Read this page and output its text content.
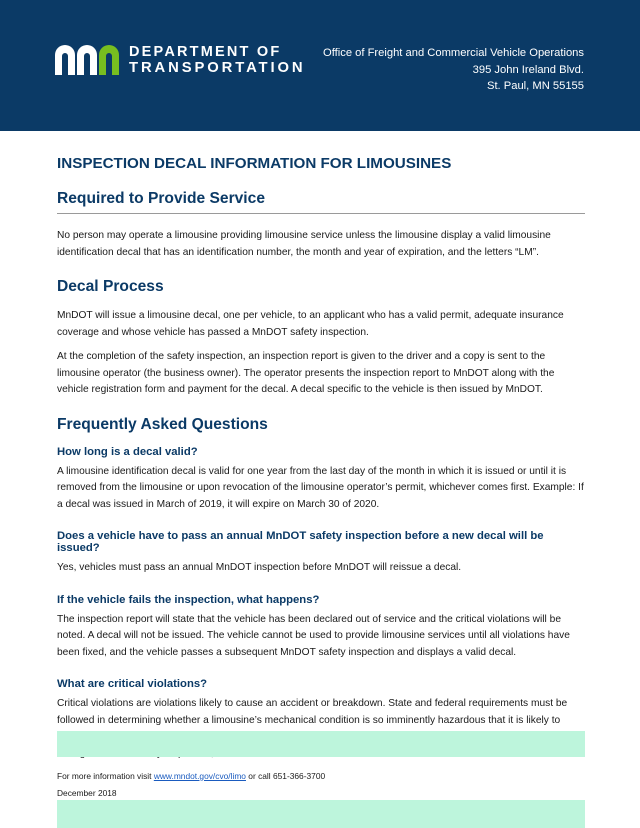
DEPARTMENT OF
TRANSPORTATION
Office of Freight and Commercial Vehicle Operations
395 John Ireland Blvd.
St. Paul, MN 55155
INSPECTION DECAL INFORMATION FOR LIMOUSINES
Required to Provide Service

No person may operate a limousine providing limousine service unless the limousine display a valid limousine identification decal that has an identification number, the month and year of expiration, and the letters “LM”.

Decal Process

MnDOT will issue a limousine decal, one per vehicle, to an applicant who has a valid permit, adequate insurance coverage and whose vehicle has passed a MnDOT safety inspection.

At the completion of the safety inspection, an inspection report is given to the driver and a copy is sent to the limousine operator (the business owner). The operator presents the inspection report to MnDOT along with the vehicle registration form and payment for the decal. A decal specific to the vehicle is then issued by MnDOT.

Frequently Asked Questions
How long is a decal valid?

A limousine identification decal is valid for one year from the last day of the month in which it is issued or until it is removed from the limousine or upon revocation of the limousine operator’s permit, whichever comes first. Example: If a decal was issued in March of 2019, it will expire on March 30 of 2020.

Does a vehicle have to pass an annual MnDOT safety inspection before a new decal will be issued?

Yes, vehicles must pass an annual MnDOT inspection before MnDOT will reissue a decal.

If the vehicle fails the inspection, what happens?

The inspection report will state that the vehicle has been declared out of service and the critical violations will be noted. A decal will not be issued. The vehicle cannot be used to provide limousine services until all violations have been fixed, and the vehicle passes a subsequent MnDOT safety inspection and displays a valid decal.

What are critical violations?

Critical violations are violations likely to cause an accident or breakdown. State and federal requirements must be followed in determining whether a limousine’s mechanical condition is so imminently hazardous that it is likely to

For more information visit www.mndot.gov/cvo/limo or call 651-366-3700
December 2018
